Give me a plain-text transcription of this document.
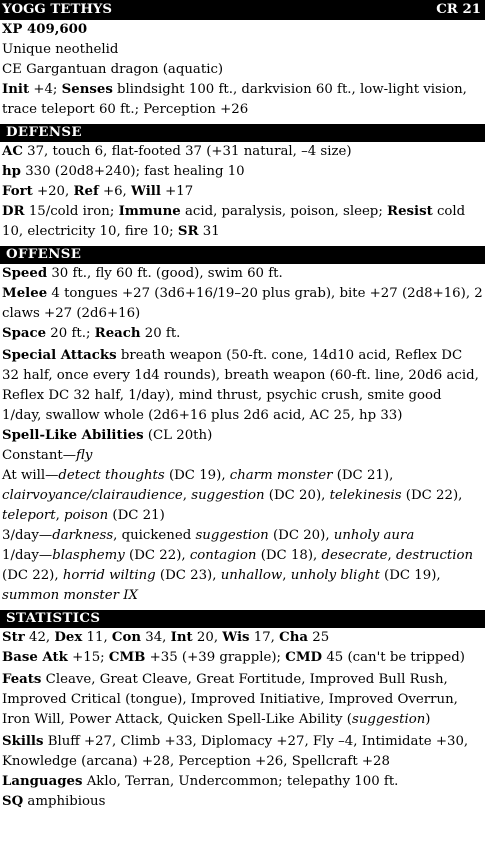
YOGG TETHYS	CR 21
XP 409,600
Unique neothelid
CE Gargantuan dragon (aquatic)
Init +4; Senses blindsight 100 ft., darkvision 60 ft., low-light vision, trace teleport 60 ft.; Perception +26
DEFENSE
AC 37, touch 6, flat-footed 37 (+31 natural, –4 size)
hp 330 (20d8+240); fast healing 10
Fort +20, Ref +6, Will +17
DR 15/cold iron; Immune acid, paralysis, poison, sleep; Resist cold 10, electricity 10, fire 10; SR 31
OFFENSE
Speed 30 ft., fly 60 ft. (good), swim 60 ft.
Melee 4 tongues +27 (3d6+16/19–20 plus grab), bite +27 (2d8+16), 2 claws +27 (2d6+16)
Space 20 ft.; Reach 20 ft.
Special Attacks breath weapon (50-ft. cone, 14d10 acid, Reflex DC 32 half, once every 1d4 rounds), breath weapon (60-ft. line, 20d6 acid, Reflex DC 32 half, 1/day), mind thrust, psychic crush, smite good 1/day, swallow whole (2d6+16 plus 2d6 acid, AC 25, hp 33)
Spell-Like Abilities (CL 20th)
Constant—fly
At will—detect thoughts (DC 19), charm monster (DC 21), clairvoyance/clairaudience, suggestion (DC 20), telekinesis (DC 22), teleport, poison (DC 21)
3/day—darkness, quickened suggestion (DC 20), unholy aura
1/day—blasphemy (DC 22), contagion (DC 18), desecrate, destruction (DC 22), horrid wilting (DC 23), unhallow, unholy blight (DC 19), summon monster IX
STATISTICS
Str 42, Dex 11, Con 34, Int 20, Wis 17, Cha 25
Base Atk +15; CMB +35 (+39 grapple); CMD 45 (can't be tripped)
Feats Cleave, Great Cleave, Great Fortitude, Improved Bull Rush, Improved Critical (tongue), Improved Initiative, Improved Overrun, Iron Will, Power Attack, Quicken Spell-Like Ability (suggestion)
Skills Bluff +27, Climb +33, Diplomacy +27, Fly –4, Intimidate +30, Knowledge (arcana) +28, Perception +26, Spellcraft +28
Languages Aklo, Terran, Undercommon; telepathy 100 ft.
SQ amphibious
